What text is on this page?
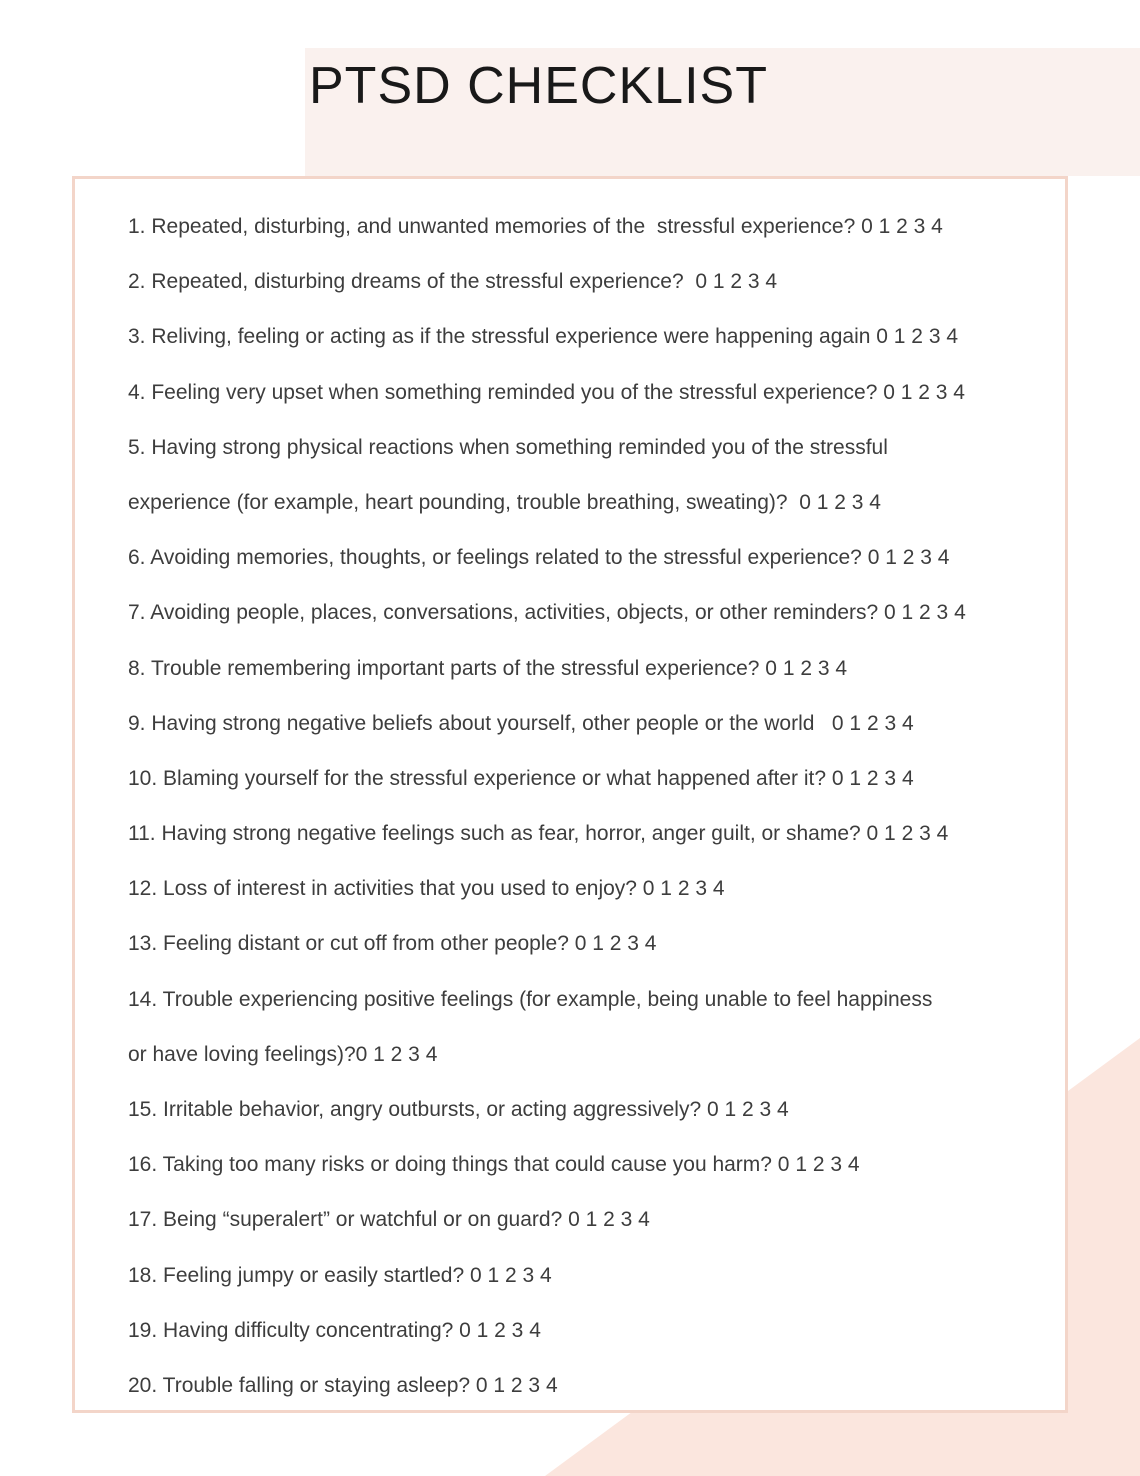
PTSD CHECKLIST
1. Repeated, disturbing, and unwanted memories of the  stressful experience? 0 1 2 3 4
2. Repeated, disturbing dreams of the stressful experience?  0 1 2 3 4
3. Reliving, feeling or acting as if the stressful experience were happening again 0 1 2 3 4
4. Feeling very upset when something reminded you of the stressful experience? 0 1 2 3 4
5. Having strong physical reactions when something reminded you of the stressful
experience (for example, heart pounding, trouble breathing, sweating)?  0 1 2 3 4
6. Avoiding memories, thoughts, or feelings related to the stressful experience? 0 1 2 3 4
7. Avoiding people, places, conversations, activities, objects, or other reminders? 0 1 2 3 4
8. Trouble remembering important parts of the stressful experience? 0 1 2 3 4
9. Having strong negative beliefs about yourself, other people or the world   0 1 2 3 4
10. Blaming yourself for the stressful experience or what happened after it? 0 1 2 3 4
11. Having strong negative feelings such as fear, horror, anger guilt, or shame? 0 1 2 3 4
12. Loss of interest in activities that you used to enjoy? 0 1 2 3 4
13. Feeling distant or cut off from other people? 0 1 2 3 4
14. Trouble experiencing positive feelings (for example, being unable to feel happiness
or have loving feelings)?0 1 2 3 4
15. Irritable behavior, angry outbursts, or acting aggressively? 0 1 2 3 4
16. Taking too many risks or doing things that could cause you harm? 0 1 2 3 4
17. Being “superalert” or watchful or on guard? 0 1 2 3 4
18. Feeling jumpy or easily startled? 0 1 2 3 4
19. Having difficulty concentrating? 0 1 2 3 4
20. Trouble falling or staying asleep? 0 1 2 3 4
